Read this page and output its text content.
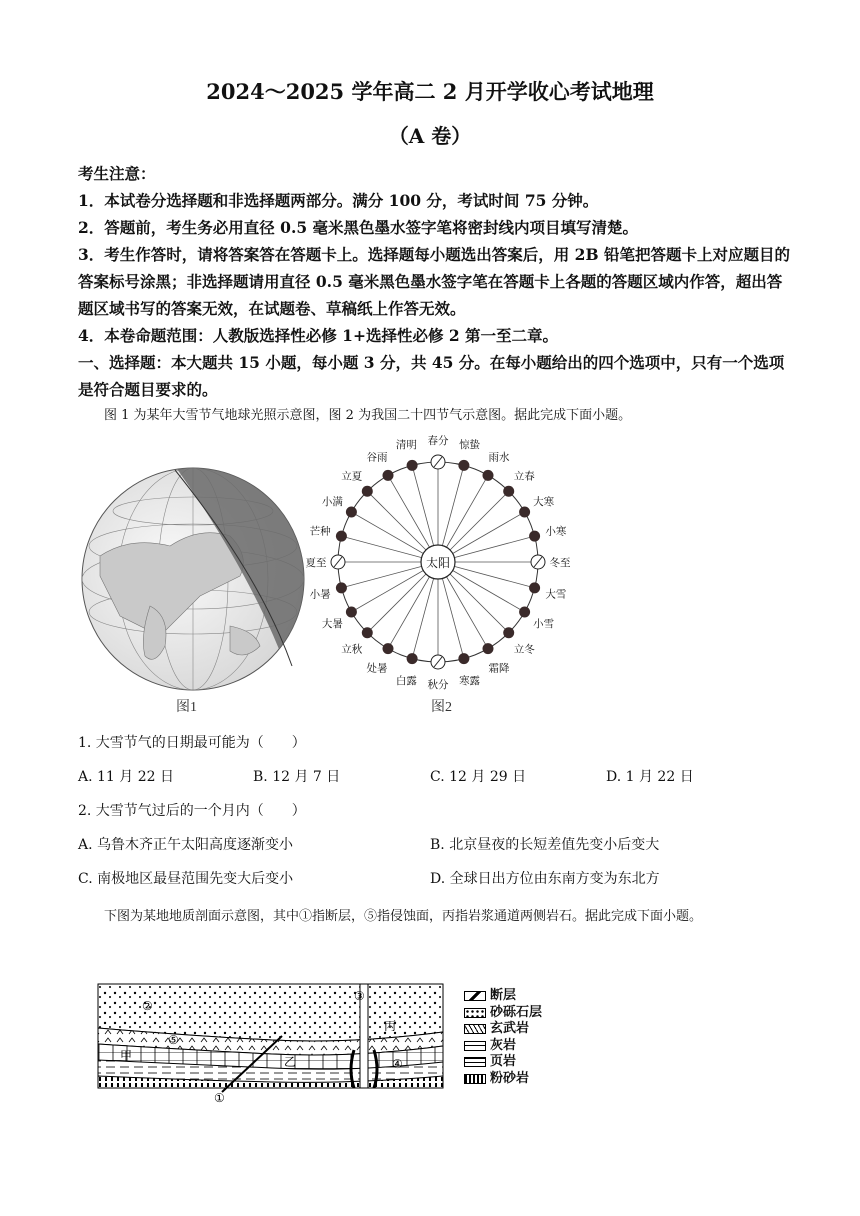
2024～2025 学年高二 2 月开学收心考试地理
（A 卷）

考生注意：

1．本试卷分选择题和非选择题两部分。满分 100 分，考试时间 75 分钟。

2．答题前，考生务必用直径 0.5 毫米黑色墨水签字笔将密封线内项目填写清楚。

3．考生作答时，请将答案答在答题卡上。选择题每小题选出答案后，用 2B 铅笔把答题卡上对应题目的答案标号涂黑；非选择题请用直径 0.5 毫米黑色墨水签字笔在答题卡上各题的答题区域内作答，超出答题区域书写的答案无效，在试题卷、草稿纸上作答无效。

4．本卷命题范围：人教版选择性必修 1+选择性必修 2 第一至二章。

一、选择题：本大题共 15 小题，每小题 3 分，共 45 分。在每小题给出的四个选项中，只有一个选项是符合题目要求的。

图 1 为某年大雪节气地球光照示意图，图 2 为我国二十四节气示意图。据此完成下面小题。
图1
春分 惊蛰
雨水
立春
大寒
小寒
冬至
大雪
小雪
立冬
霜降
寒露
秋分
白露
处暑
立秋
大暑
小暑
夏至
芒种
小满
立夏
谷雨
清明
太阳
图2
1. 大雪节气的日期最可能为（　　）
A. 11 月 22 日	B. 12 月 7 日	C. 12 月 29 日	D. 1 月 22 日
2. 大雪节气过后的一个月内（　　）
A. 乌鲁木齐正午太阳高度逐渐变小	B. 北京昼夜的长短差值先变小后变大
C. 南极地区最昼范围先变大后变小	D. 全球日出方位由东南方变为东北方
下图为某地地质剖面示意图，其中①指断层，⑤指侵蚀面，丙指岩浆通道两侧岩石。据此完成下面小题。
②
③
④
⑤
甲	乙
丙
①
断层
砂砾石层
玄武岩
灰岩
页岩
粉砂岩
